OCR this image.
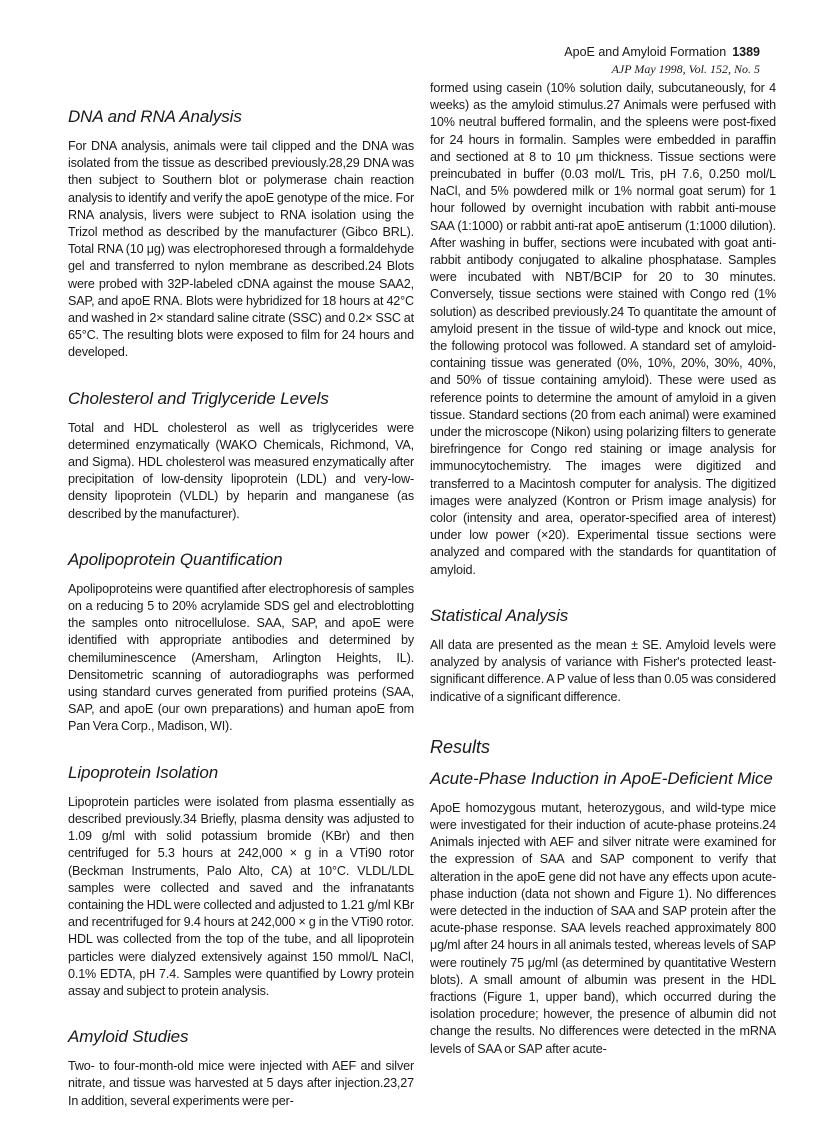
ApoE and Amyloid Formation 1389
AJP May 1998, Vol. 152, No. 5
DNA and RNA Analysis

For DNA analysis, animals were tail clipped and the DNA was isolated from the tissue as described previously.28,29 DNA was then subject to Southern blot or polymerase chain reaction analysis to identify and verify the apoE genotype of the mice. For RNA analysis, livers were subject to RNA isolation using the Trizol method as described by the manufacturer (Gibco BRL). Total RNA (10 μg) was electrophoresed through a formaldehyde gel and transferred to nylon membrane as described.24 Blots were probed with 32P-labeled cDNA against the mouse SAA2, SAP, and apoE RNA. Blots were hybridized for 18 hours at 42°C and washed in 2× standard saline citrate (SSC) and 0.2× SSC at 65°C. The resulting blots were exposed to film for 24 hours and developed.

Cholesterol and Triglyceride Levels

Total and HDL cholesterol as well as triglycerides were determined enzymatically (WAKO Chemicals, Richmond, VA, and Sigma). HDL cholesterol was measured enzymatically after precipitation of low-density lipoprotein (LDL) and very-low-density lipoprotein (VLDL) by heparin and manganese (as described by the manufacturer).

Apolipoprotein Quantification

Apolipoproteins were quantified after electrophoresis of samples on a reducing 5 to 20% acrylamide SDS gel and electroblotting the samples onto nitrocellulose. SAA, SAP, and apoE were identified with appropriate antibodies and determined by chemiluminescence (Amersham, Arlington Heights, IL). Densitometric scanning of autoradiographs was performed using standard curves generated from purified proteins (SAA, SAP, and apoE (our own preparations) and human apoE from Pan Vera Corp., Madison, WI).

Lipoprotein Isolation

Lipoprotein particles were isolated from plasma essentially as described previously.34 Briefly, plasma density was adjusted to 1.09 g/ml with solid potassium bromide (KBr) and then centrifuged for 5.3 hours at 242,000 × g in a VTi90 rotor (Beckman Instruments, Palo Alto, CA) at 10°C. VLDL/LDL samples were collected and saved and the infranatants containing the HDL were collected and adjusted to 1.21 g/ml KBr and recentrifuged for 9.4 hours at 242,000 × g in the VTi90 rotor. HDL was collected from the top of the tube, and all lipoprotein particles were dialyzed extensively against 150 mmol/L NaCl, 0.1% EDTA, pH 7.4. Samples were quantified by Lowry protein assay and subject to protein analysis.

Amyloid Studies

Two- to four-month-old mice were injected with AEF and silver nitrate, and tissue was harvested at 5 days after injection.23,27 In addition, several experiments were per-

formed using casein (10% solution daily, subcutaneously, for 4 weeks) as the amyloid stimulus.27 Animals were perfused with 10% neutral buffered formalin, and the spleens were post-fixed for 24 hours in formalin. Samples were embedded in paraffin and sectioned at 8 to 10 μm thickness. Tissue sections were preincubated in buffer (0.03 mol/L Tris, pH 7.6, 0.250 mol/L NaCl, and 5% powdered milk or 1% normal goat serum) for 1 hour followed by overnight incubation with rabbit anti-mouse SAA (1:1000) or rabbit anti-rat apoE antiserum (1:1000 dilution). After washing in buffer, sections were incubated with goat anti-rabbit antibody conjugated to alkaline phosphatase. Samples were incubated with NBT/BCIP for 20 to 30 minutes. Conversely, tissue sections were stained with Congo red (1% solution) as described previously.24 To quantitate the amount of amyloid present in the tissue of wild-type and knock out mice, the following protocol was followed. A standard set of amyloid-containing tissue was generated (0%, 10%, 20%, 30%, 40%, and 50% of tissue containing amyloid). These were used as reference points to determine the amount of amyloid in a given tissue. Standard sections (20 from each animal) were examined under the microscope (Nikon) using polarizing filters to generate birefringence for Congo red staining or image analysis for immunocytochemistry. The images were digitized and transferred to a Macintosh computer for analysis. The digitized images were analyzed (Kontron or Prism image analysis) for color (intensity and area, operator-specified area of interest) under low power (×20). Experimental tissue sections were analyzed and compared with the standards for quantitation of amyloid.

Statistical Analysis

All data are presented as the mean ± SE. Amyloid levels were analyzed by analysis of variance with Fisher's protected least-significant difference. A P value of less than 0.05 was considered indicative of a significant difference.

Results
Acute-Phase Induction in ApoE-Deficient Mice

ApoE homozygous mutant, heterozygous, and wild-type mice were investigated for their induction of acute-phase proteins.24 Animals injected with AEF and silver nitrate were examined for the expression of SAA and SAP component to verify that alteration in the apoE gene did not have any effects upon acute-phase induction (data not shown and Figure 1). No differences were detected in the induction of SAA and SAP protein after the acute-phase response. SAA levels reached approximately 800 μg/ml after 24 hours in all animals tested, whereas levels of SAP were routinely 75 μg/ml (as determined by quantitative Western blots). A small amount of albumin was present in the HDL fractions (Figure 1, upper band), which occurred during the isolation procedure; however, the presence of albumin did not change the results. No differences were detected in the mRNA levels of SAA or SAP after acute-
